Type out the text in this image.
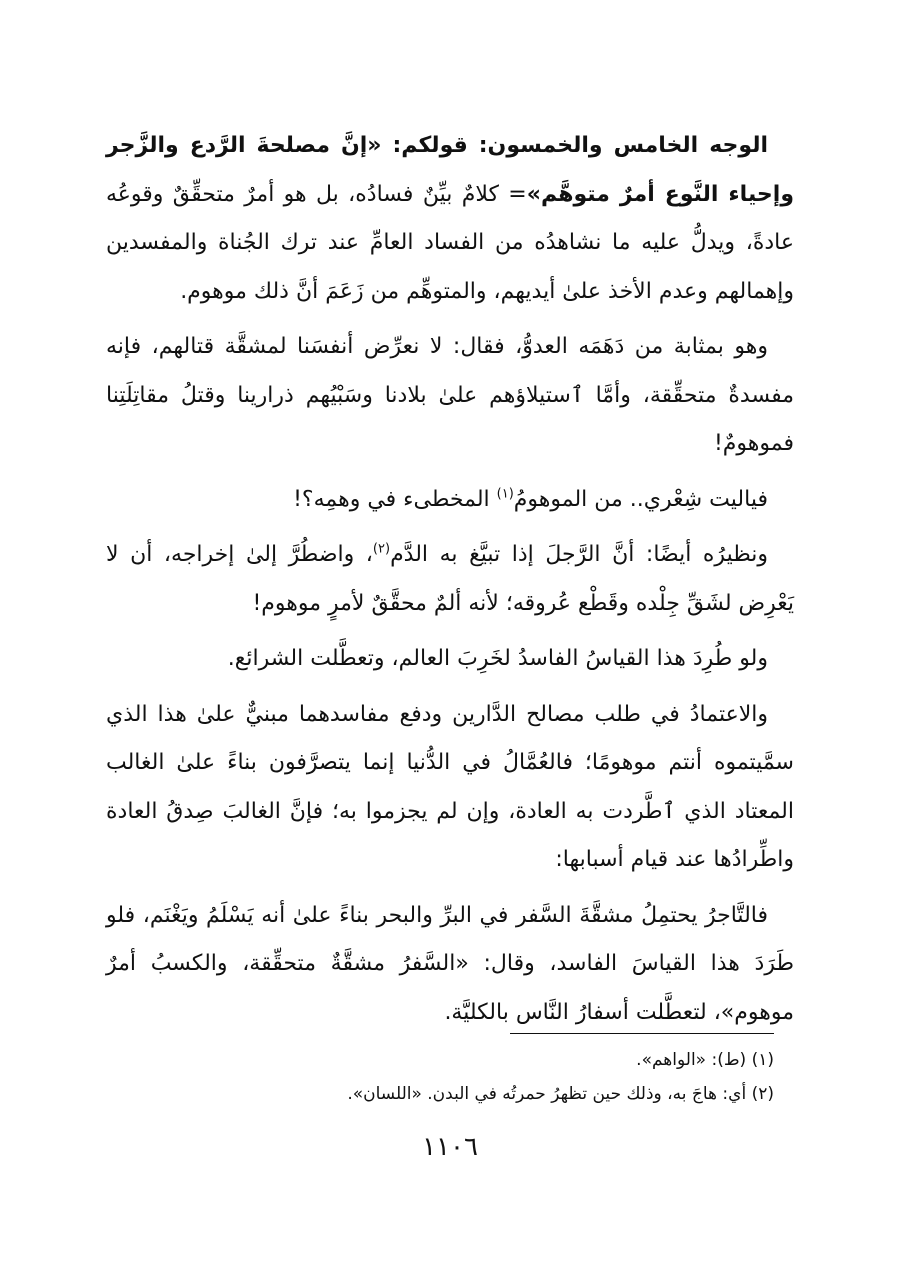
الوجه الخامس والخمسون: قولكم: «إنَّ مصلحةَ الرَّدع والزَّجر وإحياء النَّوع أمرٌ متوهَّم»= كلامٌ بيِّنٌ فسادُه، بل هو أمرٌ متحقِّقٌ وقوعُه عادةً، ويدلُّ عليه ما نشاهدُه من الفساد العامِّ عند ترك الجُناة والمفسدين وإهمالهم وعدم الأخذ علىٰ أيديهم، والمتوهِّم من زَعَمَ أنَّ ذلك موهوم.

وهو بمثابة من دَهَمَه العدوُّ، فقال: لا نعرِّض أنفسَنا لمشقَّة قتالهم، فإنه مفسدةٌ متحقِّقة، وأمَّا ٱستيلاؤهم علىٰ بلادنا وسَبْيُهم ذرارينا وقتلُ مقاتِلَتِنا فموهومٌ!

فياليت شِعْري.. من الموهومُ$^{(١)}$ المخطىء في وهمِه؟!

ونظيرُه أيضًا: أنَّ الرَّجلَ إذا تبيَّغ به الدَّم$^{(٢)}$، واضطُرَّ إلىٰ إخراجه، أن لا يَعْرِض لشَقِّ جِلْده وقَطْع عُروقه؛ لأنه ألمٌ محقَّقٌ لأمرٍ موهوم!

ولو طُرِدَ هذا القياسُ الفاسدُ لخَرِبَ العالم، وتعطَّلت الشرائع.

والاعتمادُ في طلب مصالح الدَّارين ودفع مفاسدهما مبنيٌّ علىٰ هذا الذي سمَّيتموه أنتم موهومًا؛ فالعُمَّالُ في الدُّنيا إنما يتصرَّفون بناءً علىٰ الغالب المعتاد الذي ٱطَّردت به العادة، وإن لم يجزموا به؛ فإنَّ الغالبَ صِدقُ العادة واطِّرادُها عند قيام أسبابها:

فالتَّاجرُ يحتمِلُ مشقَّةَ السَّفر في البرِّ والبحر بناءً علىٰ أنه يَسْلَمُ ويَغْنَم، فلو طَرَدَ هذا القياسَ الفاسد، وقال: «السَّفرُ مشقَّةٌ متحقِّقة، والكسبُ أمرٌ موهوم»، لتعطَّلت أسفارُ النَّاس بالكليَّة.

(١) (ط): «الواهم».

(٢) أي: هاجَ به، وذلك حين تظهرُ حمرتُه في البدن. «اللسان».

١١٠٦
